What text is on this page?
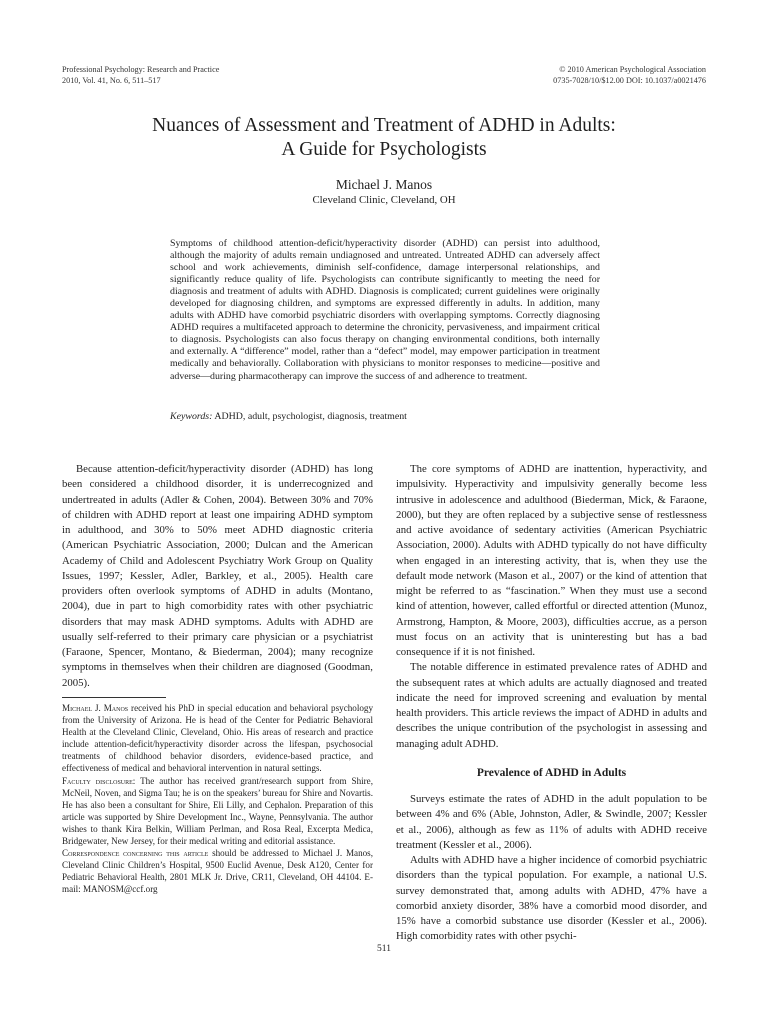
Professional Psychology: Research and Practice
2010, Vol. 41, No. 6, 511–517
© 2010 American Psychological Association
0735-7028/10/$12.00 DOI: 10.1037/a0021476
Nuances of Assessment and Treatment of ADHD in Adults:
A Guide for Psychologists
Michael J. Manos
Cleveland Clinic, Cleveland, OH
Symptoms of childhood attention-deficit/hyperactivity disorder (ADHD) can persist into adulthood, although the majority of adults remain undiagnosed and untreated. Untreated ADHD can adversely affect school and work achievements, diminish self-confidence, damage interpersonal relationships, and significantly reduce quality of life. Psychologists can contribute significantly to meeting the need for diagnosis and treatment of adults with ADHD. Diagnosis is complicated; current guidelines were originally developed for diagnosing children, and symptoms are expressed differently in adults. In addition, many adults with ADHD have comorbid psychiatric disorders with overlapping symptoms. Correctly diagnosing ADHD requires a multifaceted approach to determine the chronicity, pervasiveness, and impairment critical to diagnosis. Psychologists can also focus therapy on changing environmental conditions, both internally and externally. A “difference” model, rather than a “defect” model, may empower participation in treatment medically and behaviorally. Collaboration with physicians to monitor responses to medicine—positive and adverse—during pharmacotherapy can improve the success of and adherence to treatment.
Keywords: ADHD, adult, psychologist, diagnosis, treatment

Because attention-deficit/hyperactivity disorder (ADHD) has long been considered a childhood disorder, it is underrecognized and undertreated in adults (Adler & Cohen, 2004). Between 30% and 70% of children with ADHD report at least one impairing ADHD symptom in adulthood, and 30% to 50% meet ADHD diagnostic criteria (American Psychiatric Association, 2000; Dulcan and the American Academy of Child and Adolescent Psychiatry Work Group on Quality Issues, 1997; Kessler, Adler, Barkley, et al., 2005). Health care providers often overlook symptoms of ADHD in adults (Montano, 2004), due in part to high comorbidity rates with other psychiatric disorders that may mask ADHD symptoms. Adults with ADHD are usually self-referred to their primary care physician or a psychiatrist (Faraone, Spencer, Montano, & Biederman, 2004); many recognize symptoms in themselves when their children are diagnosed (Goodman, 2005).

Michael J. Manos received his PhD in special education and behavioral psychology from the University of Arizona. He is head of the Center for Pediatric Behavioral Health at the Cleveland Clinic, Cleveland, Ohio. His areas of research and practice include attention-deficit/hyperactivity disorder across the lifespan, psychosocial treatments of childhood behavior disorders, evidence-based practice, and effectiveness of medical and behavioral intervention in natural settings.

Faculty disclosure: The author has received grant/research support from Shire, McNeil, Noven, and Sigma Tau; he is on the speakers’ bureau for Shire and Novartis. He has also been a consultant for Shire, Eli Lilly, and Cephalon. Preparation of this article was supported by Shire Development Inc., Wayne, Pennsylvania. The author wishes to thank Kira Belkin, William Perlman, and Rosa Real, Excerpta Medica, Bridgewater, New Jersey, for their medical writing and editorial assistance.

Correspondence concerning this article should be addressed to Michael J. Manos, Cleveland Clinic Children’s Hospital, 9500 Euclid Avenue, Desk A120, Center for Pediatric Behavioral Health, 2801 MLK Jr. Drive, CR11, Cleveland, OH 44104. E-mail: MANOSM@ccf.org

The core symptoms of ADHD are inattention, hyperactivity, and impulsivity. Hyperactivity and impulsivity generally become less intrusive in adolescence and adulthood (Biederman, Mick, & Faraone, 2000), but they are often replaced by a subjective sense of restlessness and active avoidance of sedentary activities (American Psychiatric Association, 2000). Adults with ADHD typically do not have difficulty when engaged in an interesting activity, that is, when they use the default mode network (Mason et al., 2007) or the kind of attention that might be referred to as “fascination.” When they must use a second kind of attention, however, called effortful or directed attention (Munoz, Armstrong, Hampton, & Moore, 2003), difficulties accrue, as a person must focus on an activity that is uninteresting but has a bad consequence if it is not finished.

The notable difference in estimated prevalence rates of ADHD and the subsequent rates at which adults are actually diagnosed and treated indicate the need for improved screening and evaluation by mental health providers. This article reviews the impact of ADHD in adults and describes the unique contribution of the psychologist in assessing and managing adult ADHD.

Prevalence of ADHD in Adults

Surveys estimate the rates of ADHD in the adult population to be between 4% and 6% (Able, Johnston, Adler, & Swindle, 2007; Kessler et al., 2006), although as few as 11% of adults with ADHD receive treatment (Kessler et al., 2006).

Adults with ADHD have a higher incidence of comorbid psychiatric disorders than the typical population. For example, a national U.S. survey demonstrated that, among adults with ADHD, 47% have a comorbid anxiety disorder, 38% have a comorbid mood disorder, and 15% have a comorbid substance use disorder (Kessler et al., 2006). High comorbidity rates with other psychi-

511
